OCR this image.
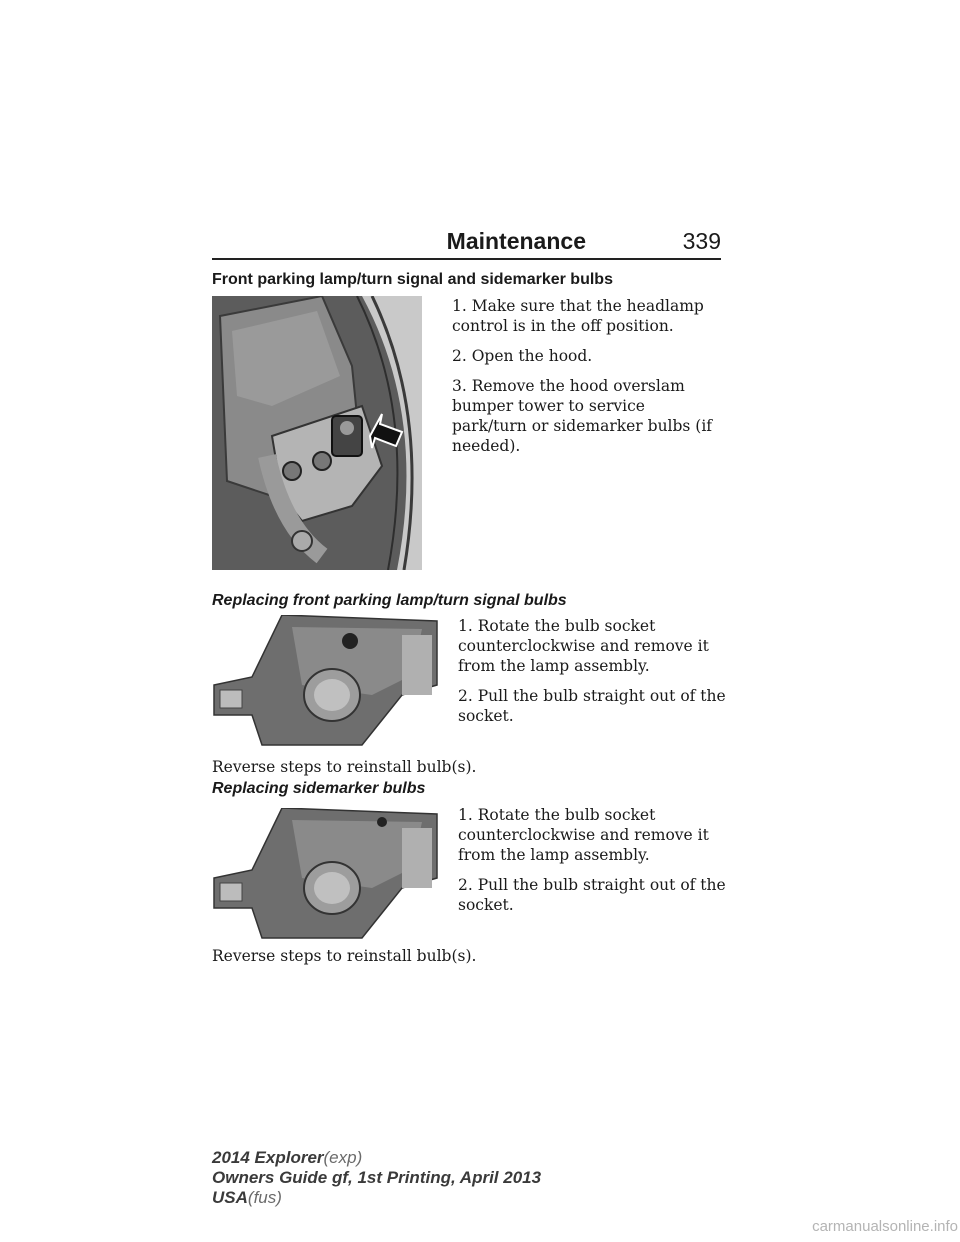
Maintenance	339
Front parking lamp/turn signal and sidemarker bulbs

1. Make sure that the headlamp control is in the off position.

2. Open the hood.

3. Remove the hood overslam bumper tower to service park/turn or sidemarker bulbs (if needed).

Replacing front parking lamp/turn signal bulbs

1. Rotate the bulb socket counterclockwise and remove it from the lamp assembly.

2. Pull the bulb straight out of the socket.

Reverse steps to reinstall bulb(s).

Replacing sidemarker bulbs

1. Rotate the bulb socket counterclockwise and remove it from the lamp assembly.

2. Pull the bulb straight out of the socket.

Reverse steps to reinstall bulb(s).

2014 Explorer(exp)
Owners Guide gf, 1st Printing, April 2013
USA(fus)
carmanualsonline.info
